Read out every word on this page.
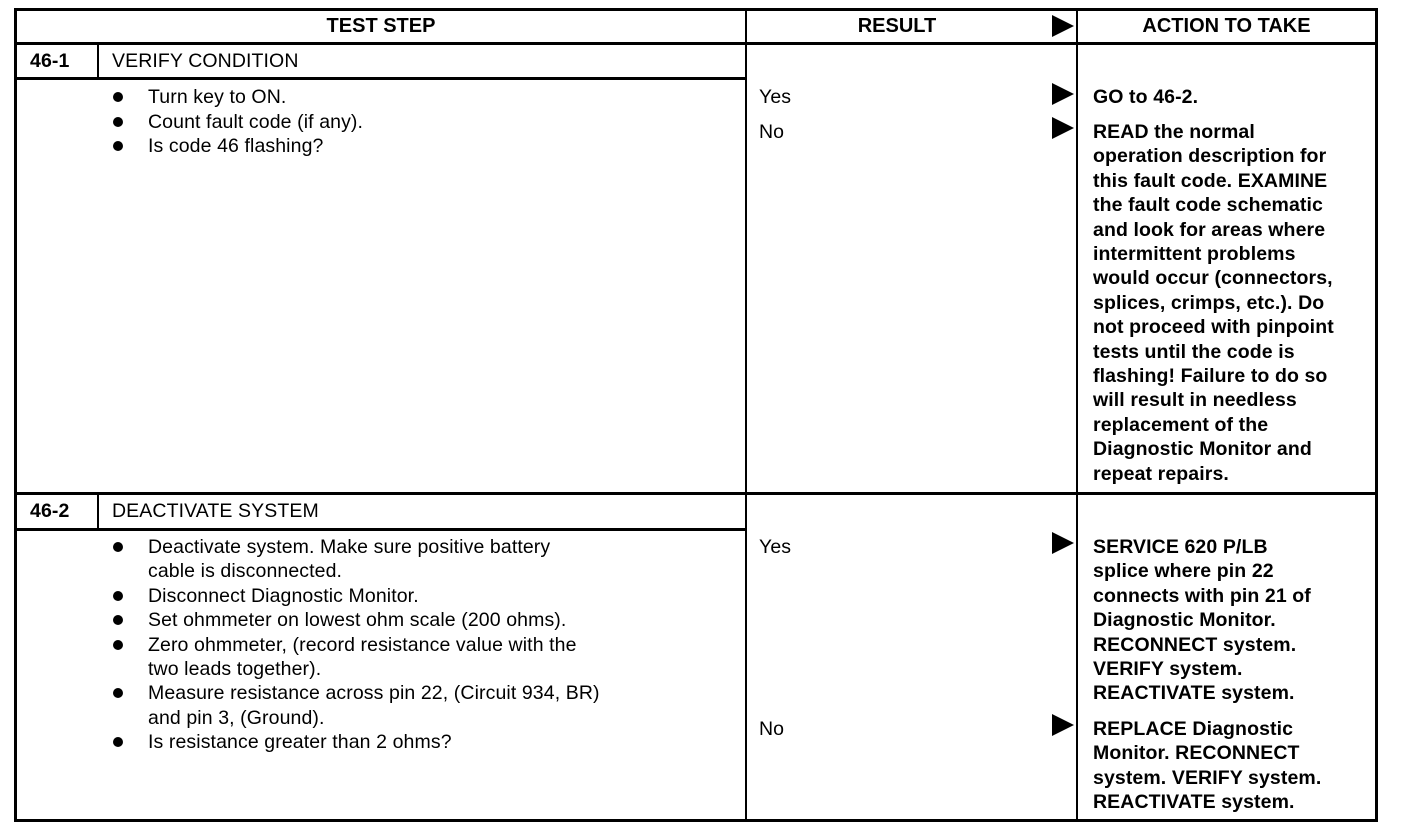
TEST STEP	RESULT	ACTION TO TAKE
46-1 VERIFY CONDITION
Turn key to ON.
Count fault code (if any).
Is code 46 flashing?
Yes
No
GO to 46-2.
READ the normal
operation description for
this fault code. EXAMINE
the fault code schematic
and look for areas where
intermittent problems
would occur (connectors,
splices, crimps, etc.). Do
not proceed with pinpoint
tests until the code is
flashing! Failure to do so
will result in needless
replacement of the
Diagnostic Monitor and
repeat repairs.
46-2 DEACTIVATE SYSTEM
Deactivate system. Make sure positive battery
cable is disconnected.
Disconnect Diagnostic Monitor.
Set ohmmeter on lowest ohm scale (200 ohms).
Zero ohmmeter, (record resistance value with the
two leads together).
Measure resistance across pin 22, (Circuit 934, BR)
and pin 3, (Ground).
Is resistance greater than 2 ohms?
Yes
No
SERVICE 620 P/LB
splice where pin 22
connects with pin 21 of
Diagnostic Monitor.
RECONNECT system.
VERIFY system.
REACTIVATE system.
REPLACE Diagnostic
Monitor. RECONNECT
system. VERIFY system.
REACTIVATE system.
